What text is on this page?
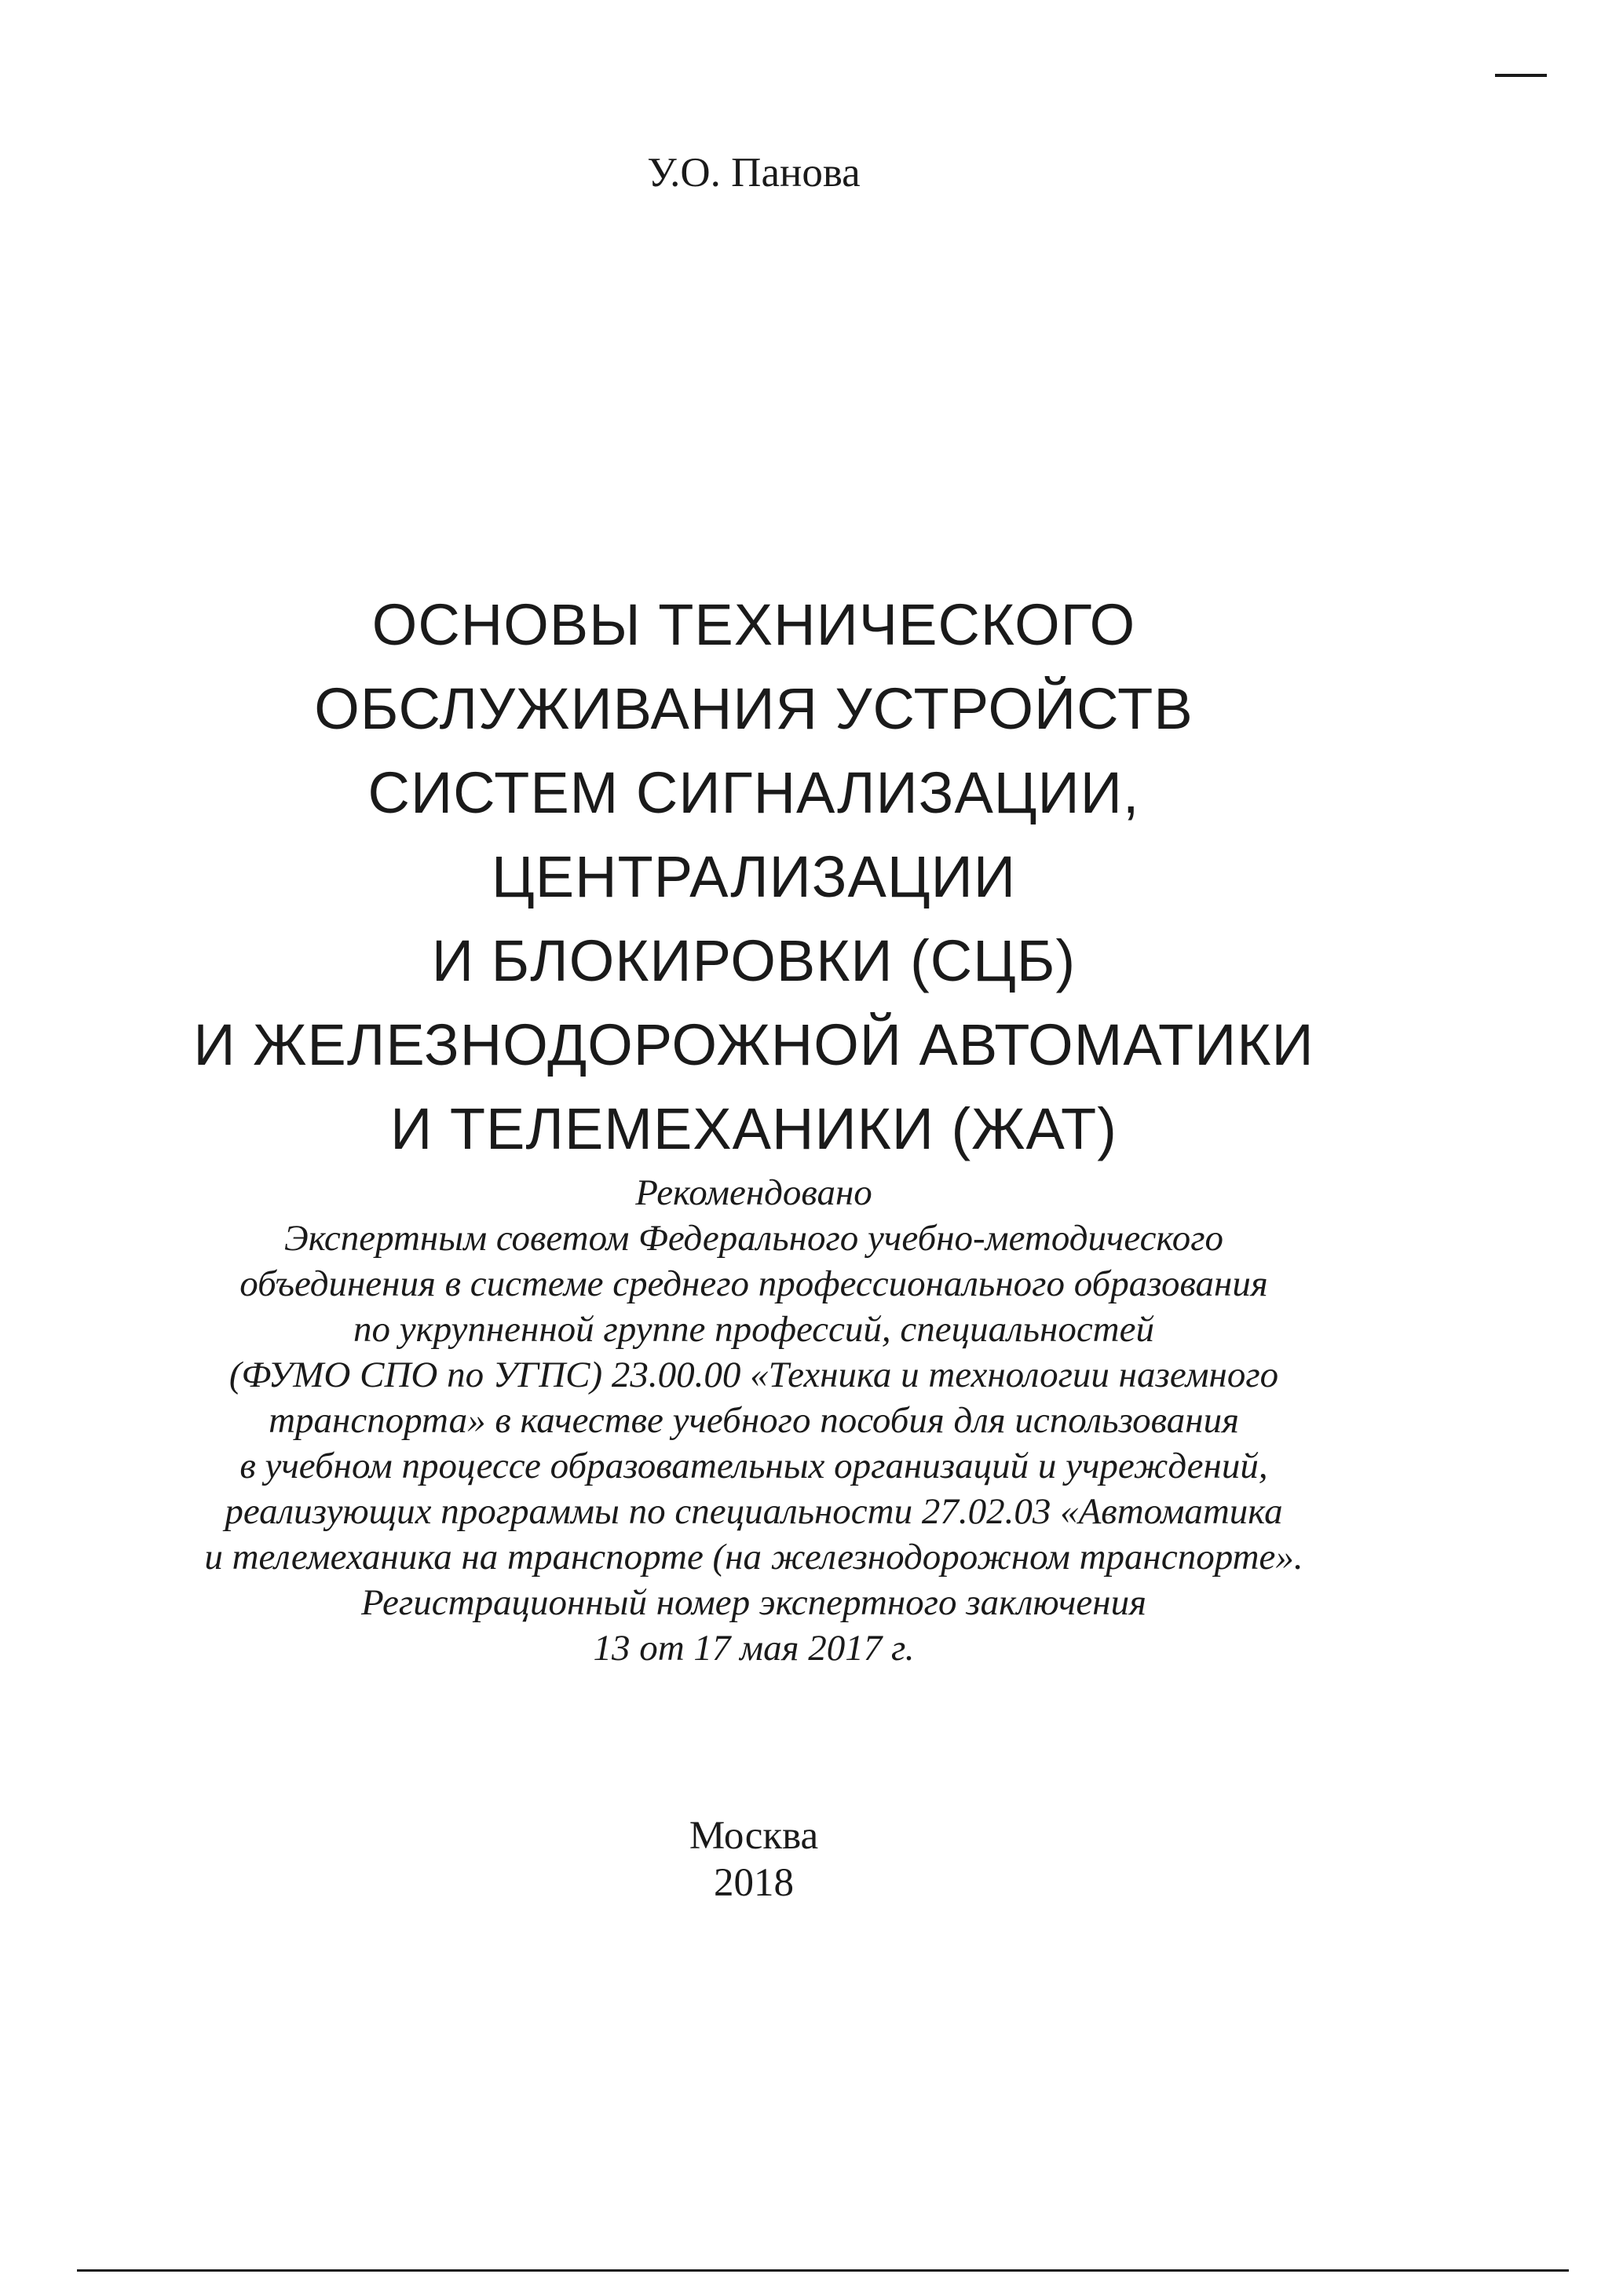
У.О. Панова
ОСНОВЫ ТЕХНИЧЕСКОГО
ОБСЛУЖИВАНИЯ УСТРОЙСТВ
СИСТЕМ СИГНАЛИЗАЦИИ,
ЦЕНТРАЛИЗАЦИИ
И БЛОКИРОВКИ (СЦБ)
И ЖЕЛЕЗНОДОРОЖНОЙ АВТОМАТИКИ
И ТЕЛЕМЕХАНИКИ (ЖАТ)
Рекомендовано
Экспертным советом Федерального учебно-методического
объединения в системе среднего профессионального образования
по укрупненной группе профессий, специальностей
(ФУМО СПО по УГПС) 23.00.00 «Техника и технологии наземного
транспорта» в качестве учебного пособия для использования
в учебном процессе образовательных организаций и учреждений,
реализующих программы по специальности 27.02.03 «Автоматика
и телемеханика на транспорте (на железнодорожном транспорте».
Регистрационный номер экспертного заключения
13 от 17 мая 2017 г.
Москва
2018
